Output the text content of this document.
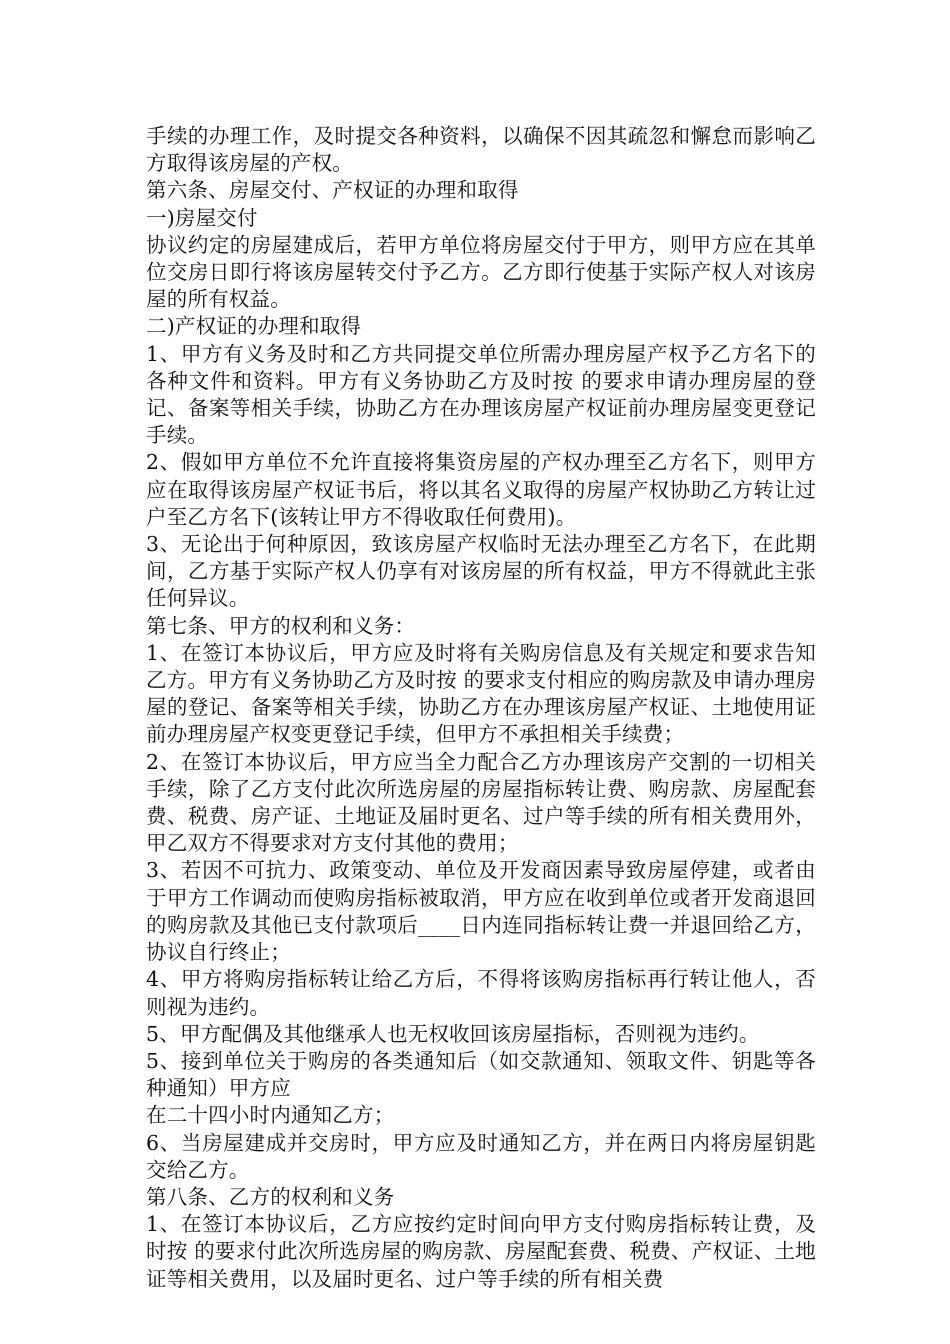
手续的办理工作，及时提交各种资料，以确保不因其疏忽和懈怠而影响乙方取得该房屋的产权。

第六条、房屋交付、产权证的办理和取得

一)房屋交付

协议约定的房屋建成后，若甲方单位将房屋交付于甲方，则甲方应在其单位交房日即行将该房屋转交付予乙方。乙方即行使基于实际产权人对该房屋的所有权益。

二)产权证的办理和取得

1、甲方有义务及时和乙方共同提交单位所需办理房屋产权予乙方名下的各种文件和资料。甲方有义务协助乙方及时按 的要求申请办理房屋的登记、备案等相关手续，协助乙方在办理该房屋产权证前办理房屋变更登记手续。

2、假如甲方单位不允许直接将集资房屋的产权办理至乙方名下，则甲方应在取得该房屋产权证书后，将以其名义取得的房屋产权协助乙方转让过户至乙方名下(该转让甲方不得收取任何费用)。

3、无论出于何种原因，致该房屋产权临时无法办理至乙方名下，在此期间，乙方基于实际产权人仍享有对该房屋的所有权益，甲方不得就此主张任何异议。

第七条、甲方的权利和义务：

1、在签订本协议后，甲方应及时将有关购房信息及有关规定和要求告知乙方。甲方有义务协助乙方及时按 的要求支付相应的购房款及申请办理房屋的登记、备案等相关手续，协助乙方在办理该房屋产权证、土地使用证前办理房屋产权变更登记手续，但甲方不承担相关手续费；

2、在签订本协议后，甲方应当全力配合乙方办理该房产交割的一切相关手续，除了乙方支付此次所选房屋的房屋指标转让费、购房款、房屋配套费、税费、房产证、土地证及届时更名、过户等手续的所有相关费用外，甲乙双方不得要求对方支付其他的费用；

3、若因不可抗力、政策变动、单位及开发商因素导致房屋停建，或者由于甲方工作调动而使购房指标被取消，甲方应在收到单位或者开发商退回的购房款及其他已支付款项后____日内连同指标转让费一并退回给乙方，协议自行终止；

4、甲方将购房指标转让给乙方后，不得将该购房指标再行转让他人，否则视为违约。

5、甲方配偶及其他继承人也无权收回该房屋指标，否则视为违约。

5、接到单位关于购房的各类通知后（如交款通知、领取文件、钥匙等各种通知）甲方应

在二十四小时内通知乙方；

6、当房屋建成并交房时，甲方应及时通知乙方，并在两日内将房屋钥匙交给乙方。

第八条、乙方的权利和义务

1、在签订本协议后，乙方应按约定时间向甲方支付购房指标转让费，及时按 的要求付此次所选房屋的购房款、房屋配套费、税费、产权证、土地证等相关费用，以及届时更名、过户等手续的所有相关费
